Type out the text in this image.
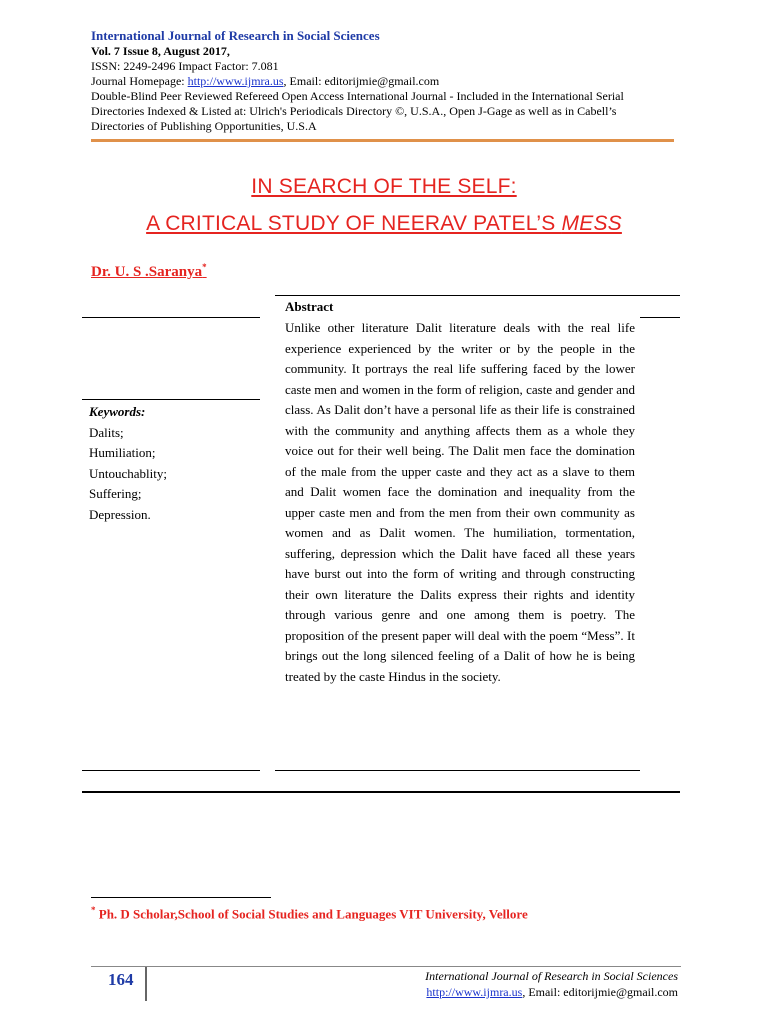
International Journal of Research in Social Sciences
Vol. 7 Issue 8, August 2017,
ISSN: 2249-2496 Impact Factor: 7.081
Journal Homepage: http://www.ijmra.us, Email: editorijmie@gmail.com
Double-Blind Peer Reviewed Refereed Open Access International Journal - Included in the International Serial
Directories Indexed & Listed at: Ulrich's Periodicals Directory ©, U.S.A., Open J-Gage as well as in Cabell’s
Directories of Publishing Opportunities, U.S.A
IN SEARCH OF THE SELF:
A CRITICAL STUDY OF NEERAV PATEL’S MESS
Dr. U. S .Saranya*
Abstract
Unlike other literature Dalit literature deals with the real life experience experienced by the writer or by the people in the community. It portrays the real life suffering faced by the lower caste men and women in the form of religion, caste and gender and class. As Dalit don’t have a personal life as their life is constrained with the community and anything affects them as a whole they voice out for their well being. The Dalit men face the domination of the male from the upper caste and they act as a slave to them and Dalit women face the domination and inequality from the upper caste men and from the men from their own community as women and as Dalit women. The humiliation, tormentation, suffering, depression which the Dalit have faced all these years have burst out into the form of writing and through constructing their own literature the Dalits express their rights and identity through various genre and one among them is poetry. The proposition of the present paper will deal with the poem “Mess”. It brings out the long silenced feeling of a Dalit of how he is being treated by the caste Hindus in the society.
Keywords:
Dalits;
Humiliation;
Untouchablity;
Suffering;
Depression.
* Ph. D Scholar,School of Social Studies and Languages VIT University, Vellore
164	International Journal of Research in Social Sciences
http://www.ijmra.us, Email: editorijmie@gmail.com
